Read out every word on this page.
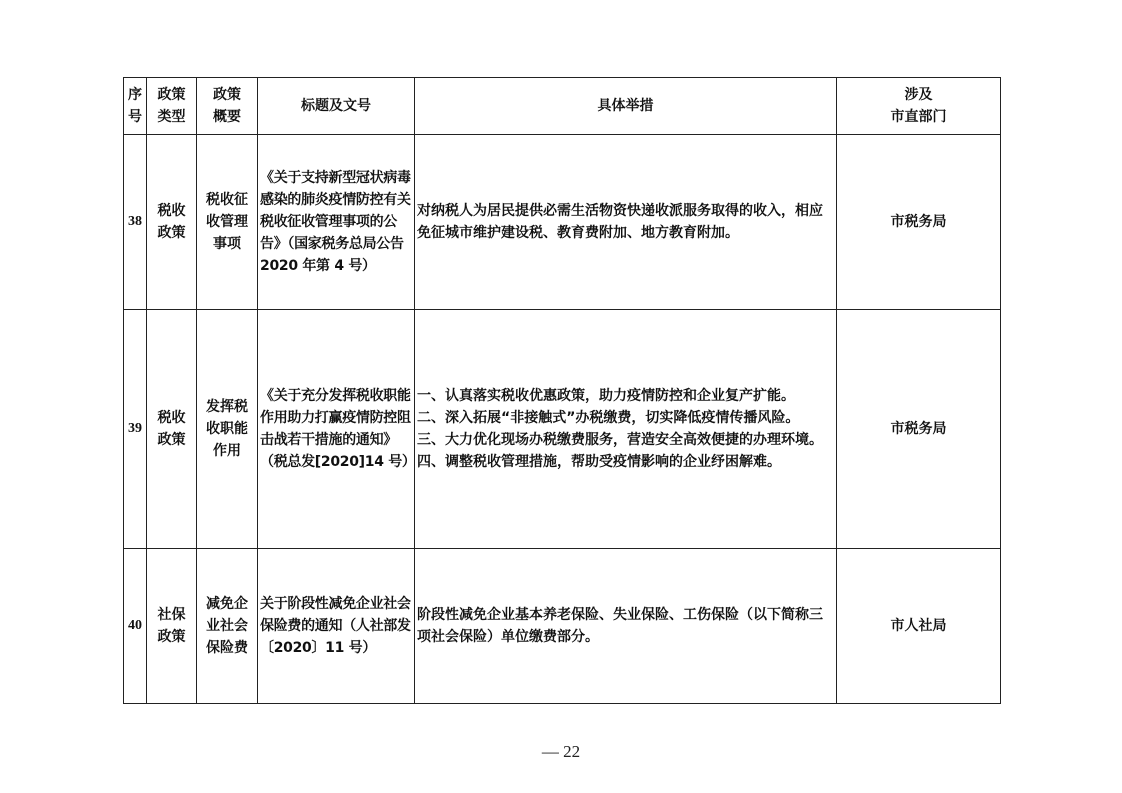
序号	政策类型	政策概要	标题及文号	具体举措	涉及
市直部门

38	税收政策	税收征收管理事项	《关于支持新型冠状病毒感染的肺炎疫情防控有关税收征收管理事项的公告》（国家税务总局公告 2020 年第 4 号）	对纳税人为居民提供必需生活物资快递收派服务取得的收入，相应免征城市维护建设税、教育费附加、地方教育附加。	市税务局
39	税收政策	发挥税收职能作用	《关于充分发挥税收职能作用助力打赢疫情防控阻击战若干措施的通知》（税总发[2020]14 号）	一、认真落实税收优惠政策，助力疫情防控和企业复产扩能。
二、深入拓展“非接触式”办税缴费，切实降低疫情传播风险。
三、大力优化现场办税缴费服务，营造安全高效便捷的办理环境。
四、调整税收管理措施，帮助受疫情影响的企业纾困解难。	市税务局
40	社保政策	减免企业社会保险费	关于阶段性减免企业社会保险费的通知（人社部发〔2020〕11 号）	阶段性减免企业基本养老保险、失业保险、工伤保险（以下简称三项社会保险）单位缴费部分。	市人社局
— 22
